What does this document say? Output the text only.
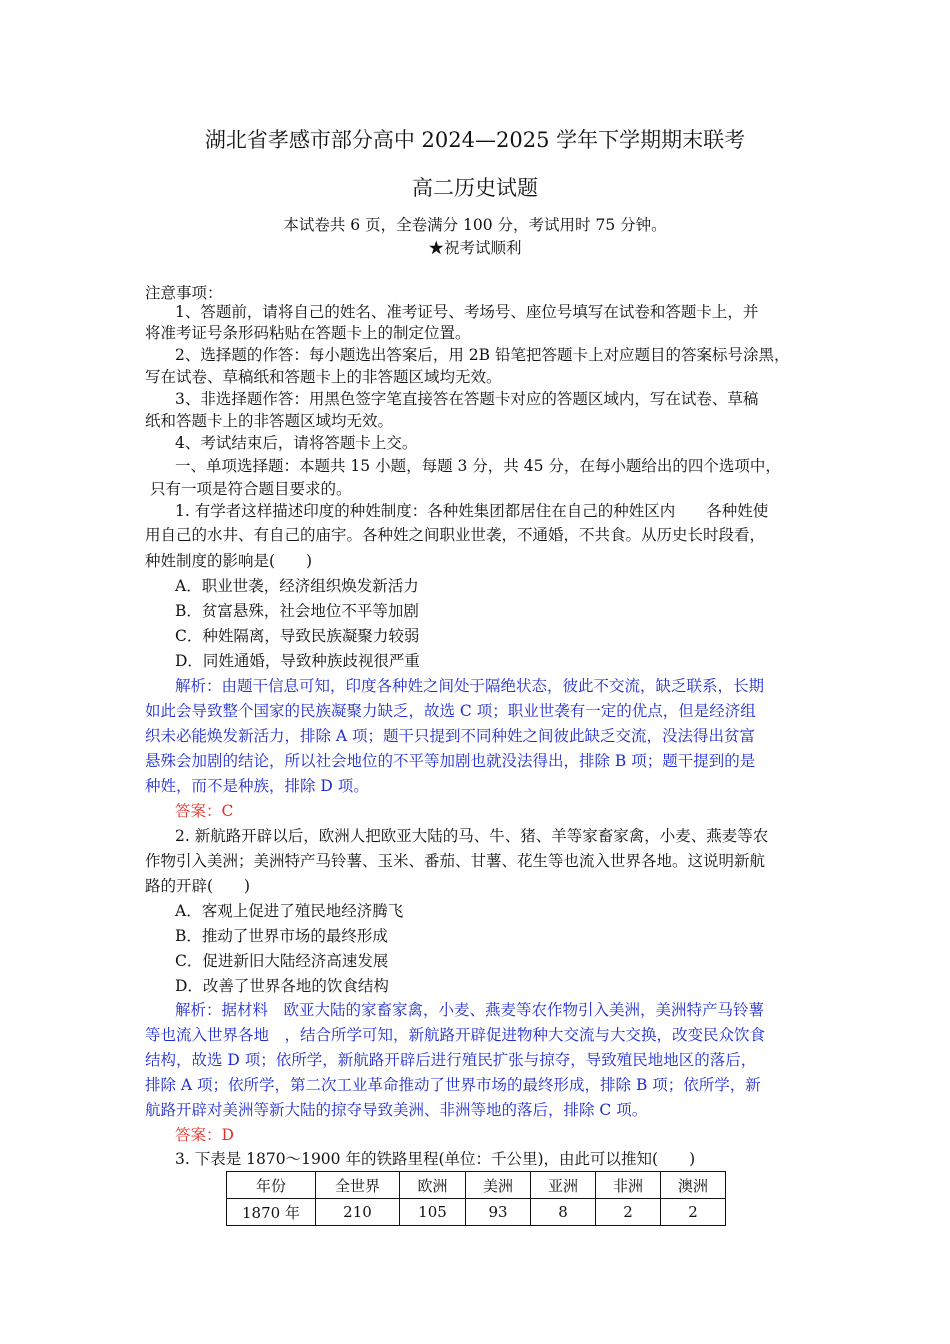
湖北省孝感市部分高中 2024—2025 学年下学期期末联考
高二历史试题
本试卷共 6 页，全卷满分 100 分，考试用时 75 分钟。
★祝考试顺利
注意事项：
1、答题前，请将自己的姓名、准考证号、考场号、座位号填写在试卷和答题卡上，并
将准考证号条形码粘贴在答题卡上的制定位置。
2、选择题的作答：每小题选出答案后，用 2B 铅笔把答题卡上对应题目的答案标号涂黑，
写在试卷、草稿纸和答题卡上的非答题区域均无效。
3、非选择题作答：用黑色签字笔直接答在答题卡对应的答题区域内，写在试卷、草稿
纸和答题卡上的非答题区域均无效。
4、考试结束后，请将答题卡上交。
一、单项选择题：本题共 15 小题，每题 3 分，共 45 分，在每小题给出的四个选项中，
只有一项是符合题目要求的。
1. 有学者这样描述印度的种姓制度：各种姓集团都居住在自己的种姓区内　　各种姓使
用自己的水井、有自己的庙宇。各种姓之间职业世袭，不通婚，不共食。从历史长时段看，
种姓制度的影响是(　　)
A．职业世袭，经济组织焕发新活力
B．贫富悬殊，社会地位不平等加剧
C．种姓隔离，导致民族凝聚力较弱
D．同姓通婚，导致种族歧视很严重
解析：由题干信息可知，印度各种姓之间处于隔绝状态，彼此不交流，缺乏联系，长期
如此会导致整个国家的民族凝聚力缺乏，故选 C 项；职业世袭有一定的优点，但是经济组
织未必能焕发新活力，排除 A 项；题干只提到不同种姓之间彼此缺乏交流，没法得出贫富
悬殊会加剧的结论，所以社会地位的不平等加剧也就没法得出，排除 B 项；题干提到的是
种姓，而不是种族，排除 D 项。
答案：C
2. 新航路开辟以后，欧洲人把欧亚大陆的马、牛、猪、羊等家畜家禽，小麦、燕麦等农
作物引入美洲；美洲特产马铃薯、玉米、番茄、甘薯、花生等也流入世界各地。这说明新航
路的开辟(　　)
A．客观上促进了殖民地经济腾飞
B．推动了世界市场的最终形成
C．促进新旧大陆经济高速发展
D．改善了世界各地的饮食结构
解析：据材料　欧亚大陆的家畜家禽，小麦、燕麦等农作物引入美洲，美洲特产马铃薯
等也流入世界各地　，结合所学可知，新航路开辟促进物种大交流与大交换，改变民众饮食
结构，故选 D 项；依所学，新航路开辟后进行殖民扩张与掠夺，导致殖民地地区的落后，
排除 A 项；依所学，第二次工业革命推动了世界市场的最终形成，排除 B 项；依所学，新
航路开辟对美洲等新大陆的掠夺导致美洲、非洲等地的落后，排除 C 项。
答案：D
3. 下表是 1870～1900 年的铁路里程(单位：千公里)，由此可以推知(　　)
年份	全世界	欧洲	美洲	亚洲	非洲	澳洲
1870 年	210	105	93	8	2	2
